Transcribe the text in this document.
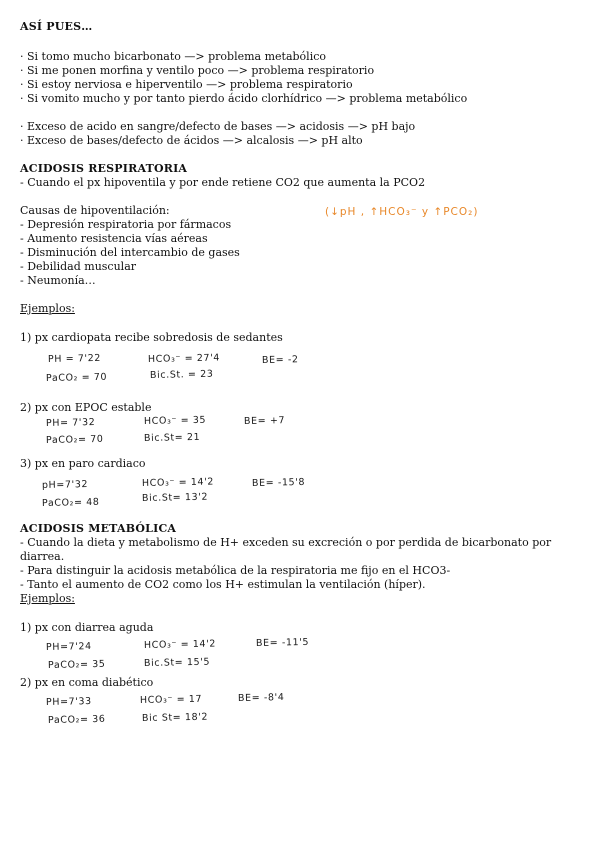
ASÍ PUES…
· Si tomo mucho bicarbonato —> problema metabólico
· Si me ponen morfina y ventilo poco —> problema respiratorio
· Si estoy nerviosa e hiperventilo —> problema respiratorio
· Si vomito mucho y por tanto pierdo ácido clorhídrico —> problema metabólico
· Exceso de acido en sangre/defecto de bases —> acidosis —> pH bajo
· Exceso de bases/defecto de ácidos —> alcalosis —> pH alto
ACIDOSIS RESPIRATORIA
- Cuando el px hipoventila y por ende retiene CO2 que aumenta la PCO2
(↓pH , ↑HCO₃⁻ y ↑PCO₂)
Causas de hipoventilación:
- Depresión respiratoria por fármacos
- Aumento resistencia vías aéreas
- Disminución del intercambio de gases
- Debilidad muscular
- Neumonía…
Ejemplos:
1) px cardiopata recibe sobredosis de sedantes
PH = 7'22	HCO₃⁻ = 27'4	BE= -2
PaCO₂ = 70	Bic.St. = 23
2) px con EPOC estable
PH= 7'32	HCO₃⁻ = 35	BE= +7
PaCO₂= 70	Bic.St= 21
3) px en paro cardiaco
pH=7'32	HCO₃⁻ = 14'2	BE= -15'8
PaCO₂= 48	Bic.St= 13'2
ACIDOSIS METABÓLICA
- Cuando la dieta y metabolismo de H+ exceden su excreción o por perdida de bicarbonato por diarrea.
- Para distinguir la acidosis metabólica de la respiratoria me fijo en el HCO3-
- Tanto el aumento de CO2 como los H+ estimulan la ventilación (híper).
Ejemplos:
1) px con diarrea aguda
PH=7'24	HCO₃⁻ = 14'2	BE= -11'5
PaCO₂= 35	Bic.St= 15'5
2) px en coma diabético
PH=7'33	HCO₃⁻ = 17	BE= -8'4
PaCO₂= 36	Bic St= 18'2
